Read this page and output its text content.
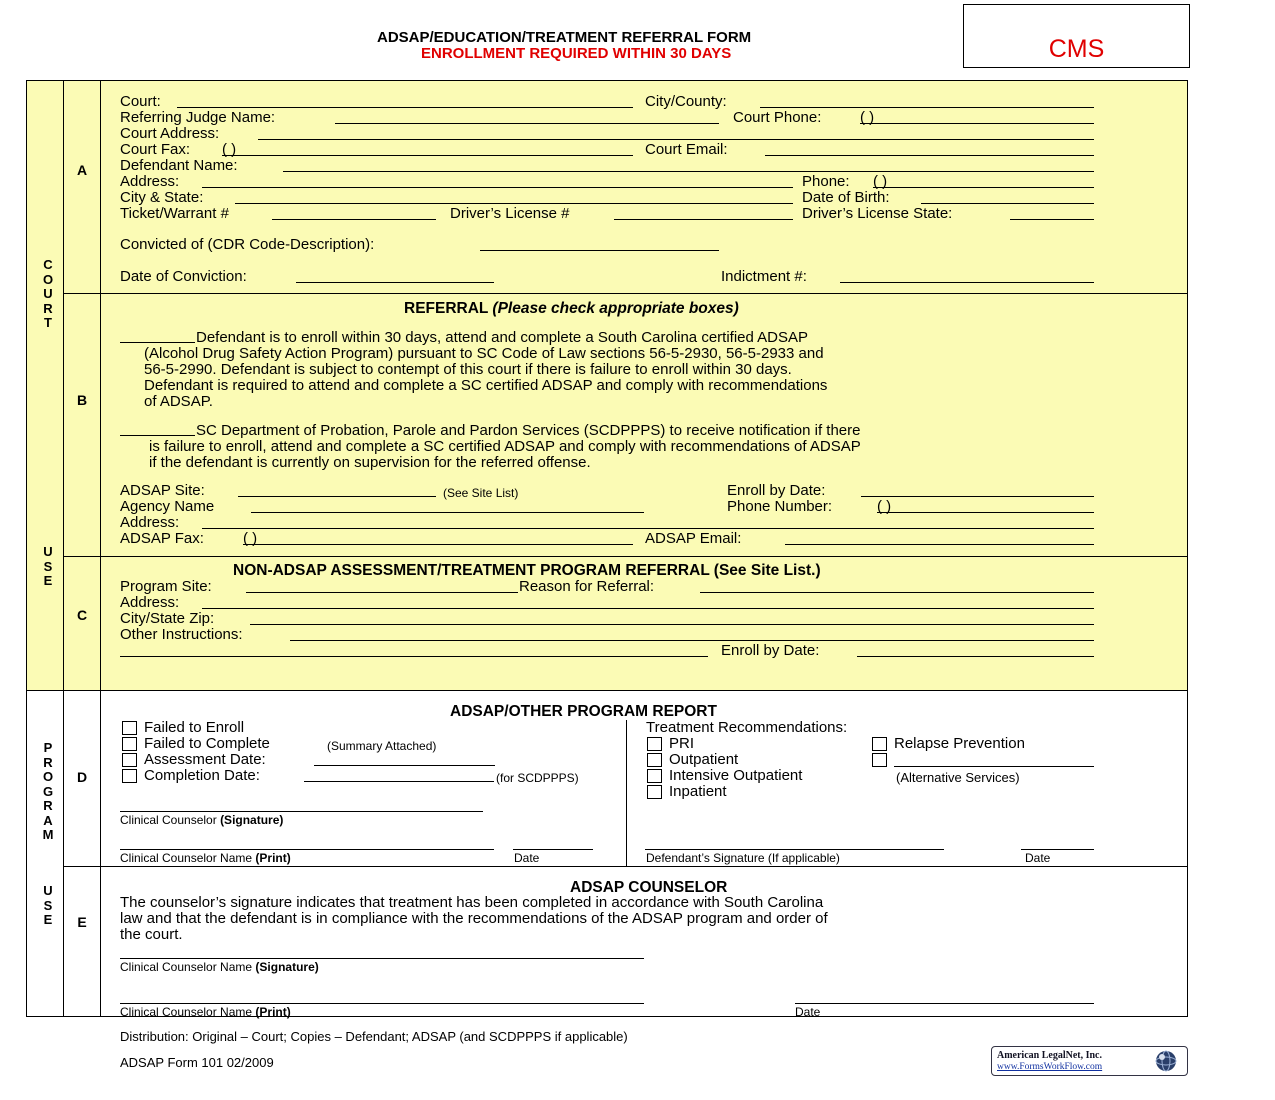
ADSAP/EDUCATION/TREATMENT REFERRAL FORM
ENROLLMENT REQUIRED WITHIN 30 DAYS	CMS
C
O
U
R
T
U
S
E
P
R
O
G
R
A
M
U
S
E
A
B
C
D
E
Court:	City/County:
Referring Judge Name:	Court Phone:	( )
Court Address:
Court Fax: ( )	Court Email:
Defendant Name:
Address:	Phone: ( )
City & State:	Date of Birth:
Ticket/Warrant #	Driver’s License #	Driver’s License State:
Convicted of (CDR Code-Description):
Date of Conviction:	Indictment #:
REFERRAL (Please check appropriate boxes)
Defendant is to enroll within 30 days, attend and complete a South Carolina certified ADSAP
(Alcohol Drug Safety Action Program) pursuant to SC Code of Law sections 56-5-2930, 56-5-2933 and
56-5-2990. Defendant is subject to contempt of this court if there is failure to enroll within 30 days.
Defendant is required to attend and complete a SC certified ADSAP and comply with recommendations
of ADSAP.
SC Department of Probation, Parole and Pardon Services (SCDPPPS) to receive notification if there
is failure to enroll, attend and complete a SC certified ADSAP and comply with recommendations of ADSAP
if the defendant is currently on supervision for the referred offense.
ADSAP Site:	(See Site List)	Enroll by Date:
Agency Name	Phone Number:	( )
Address:
ADSAP Fax:	( )	ADSAP Email:
NON-ADSAP ASSESSMENT/TREATMENT PROGRAM REFERRAL (See Site List.)
Program Site:	Reason for Referral:
Address:
City/State Zip:
Other Instructions:
Enroll by Date:
ADSAP/OTHER PROGRAM REPORT
Failed to Enroll
Failed to Complete	(Summary Attached)
Assessment Date:
Completion Date:	(for SCDPPPS)
Clinical Counselor (Signature)
Clinical Counselor Name (Print)	Date
Treatment Recommendations:
PRI	Relapse Prevention
Outpatient
Intensive Outpatient	(Alternative Services)
Inpatient
Defendant’s Signature (If applicable)	Date
ADSAP COUNSELOR
The counselor’s signature indicates that treatment has been completed in accordance with South Carolina
law and that the defendant is in compliance with the recommendations of the ADSAP program and order of
the court.
Clinical Counselor Name (Signature)
Clinical Counselor Name (Print)	Date
Distribution: Original – Court; Copies – Defendant; ADSAP (and SCDPPPS if applicable)
ADSAP Form 101 02/2009	American LegalNet, Inc.
www.FormsWorkFlow.com
